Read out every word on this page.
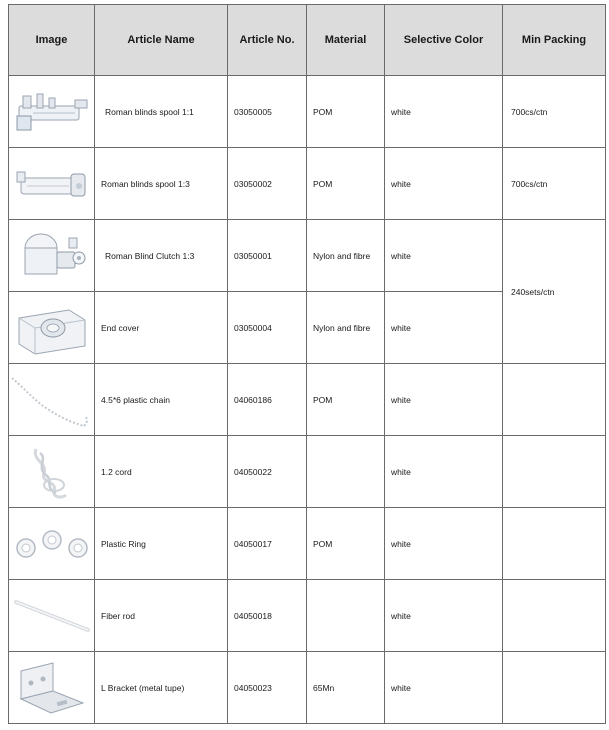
Image	Article Name	Article No.	Material	Selective Color	Min Packing

	Roman blinds spool 1:1	03050005	POM	white	700cs/ctn

	Roman blinds spool 1:3	03050002	POM	white	700cs/ctn

	Roman Blind Clutch 1:3	03050001	Nylon and fibre	white	240sets/ctn

	End cover	03050004	Nylon and fibre	white	

	4.5*6 plastic chain	04060186	POM	white	

	1.2 cord	04050022		white	

	Plastic Ring	04050017	POM	white	

	Fiber rod	04050018		white	

	L Bracket (metal tupe)	04050023	65Mn	white	
